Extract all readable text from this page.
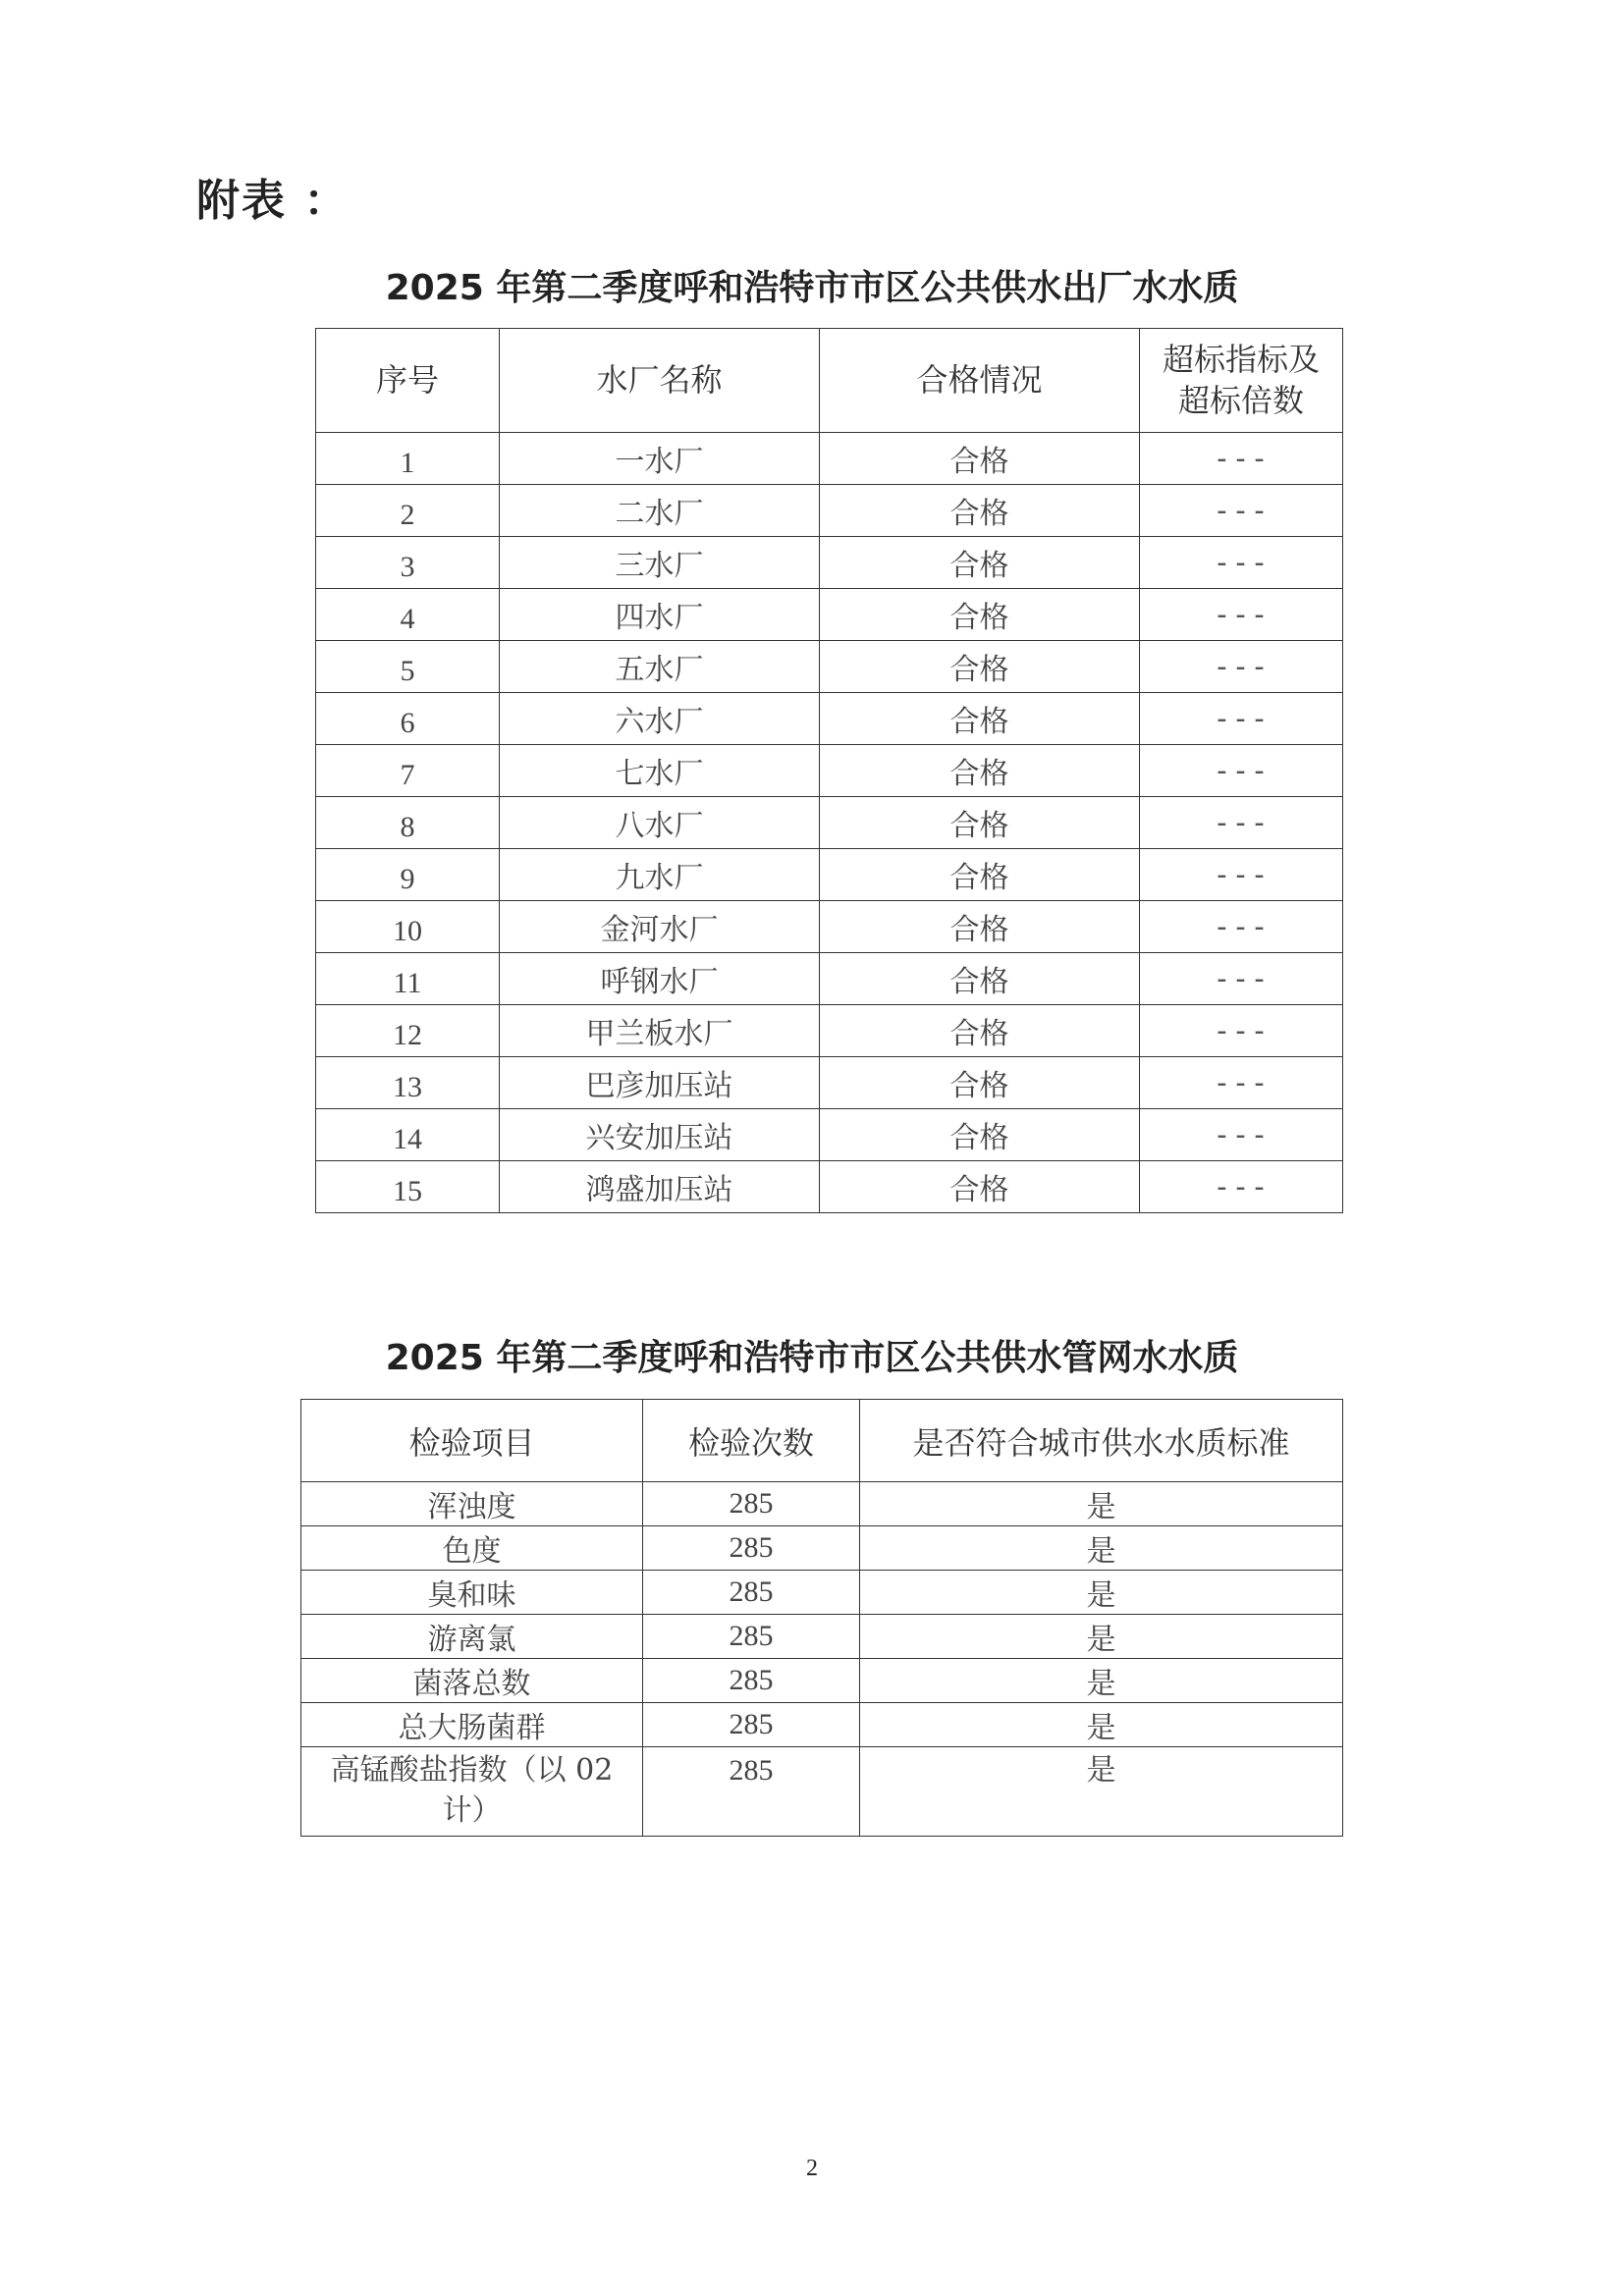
附表 ：
2025 年第二季度呼和浩特市市区公共供水出厂水水质
序号	水厂名称	合格情况	超标指标及
超标倍数

1	一水厂	合格	---
2	二水厂	合格	---
3	三水厂	合格	---
4	四水厂	合格	---
5	五水厂	合格	---
6	六水厂	合格	---
7	七水厂	合格	---
8	八水厂	合格	---
9	九水厂	合格	---
10	金河水厂	合格	---
11	呼钢水厂	合格	---
12	甲兰板水厂	合格	---
13	巴彦加压站	合格	---
14	兴安加压站	合格	---
15	鸿盛加压站	合格	---
2025 年第二季度呼和浩特市市区公共供水管网水水质
检验项目	检验次数	是否符合城市供水水质标准
浑浊度	285	是
色度	285	是
臭和味	285	是
游离氯	285	是
菌落总数	285	是
总大肠菌群	285	是

高锰酸盐指数（以 02
计）	285	是
2
